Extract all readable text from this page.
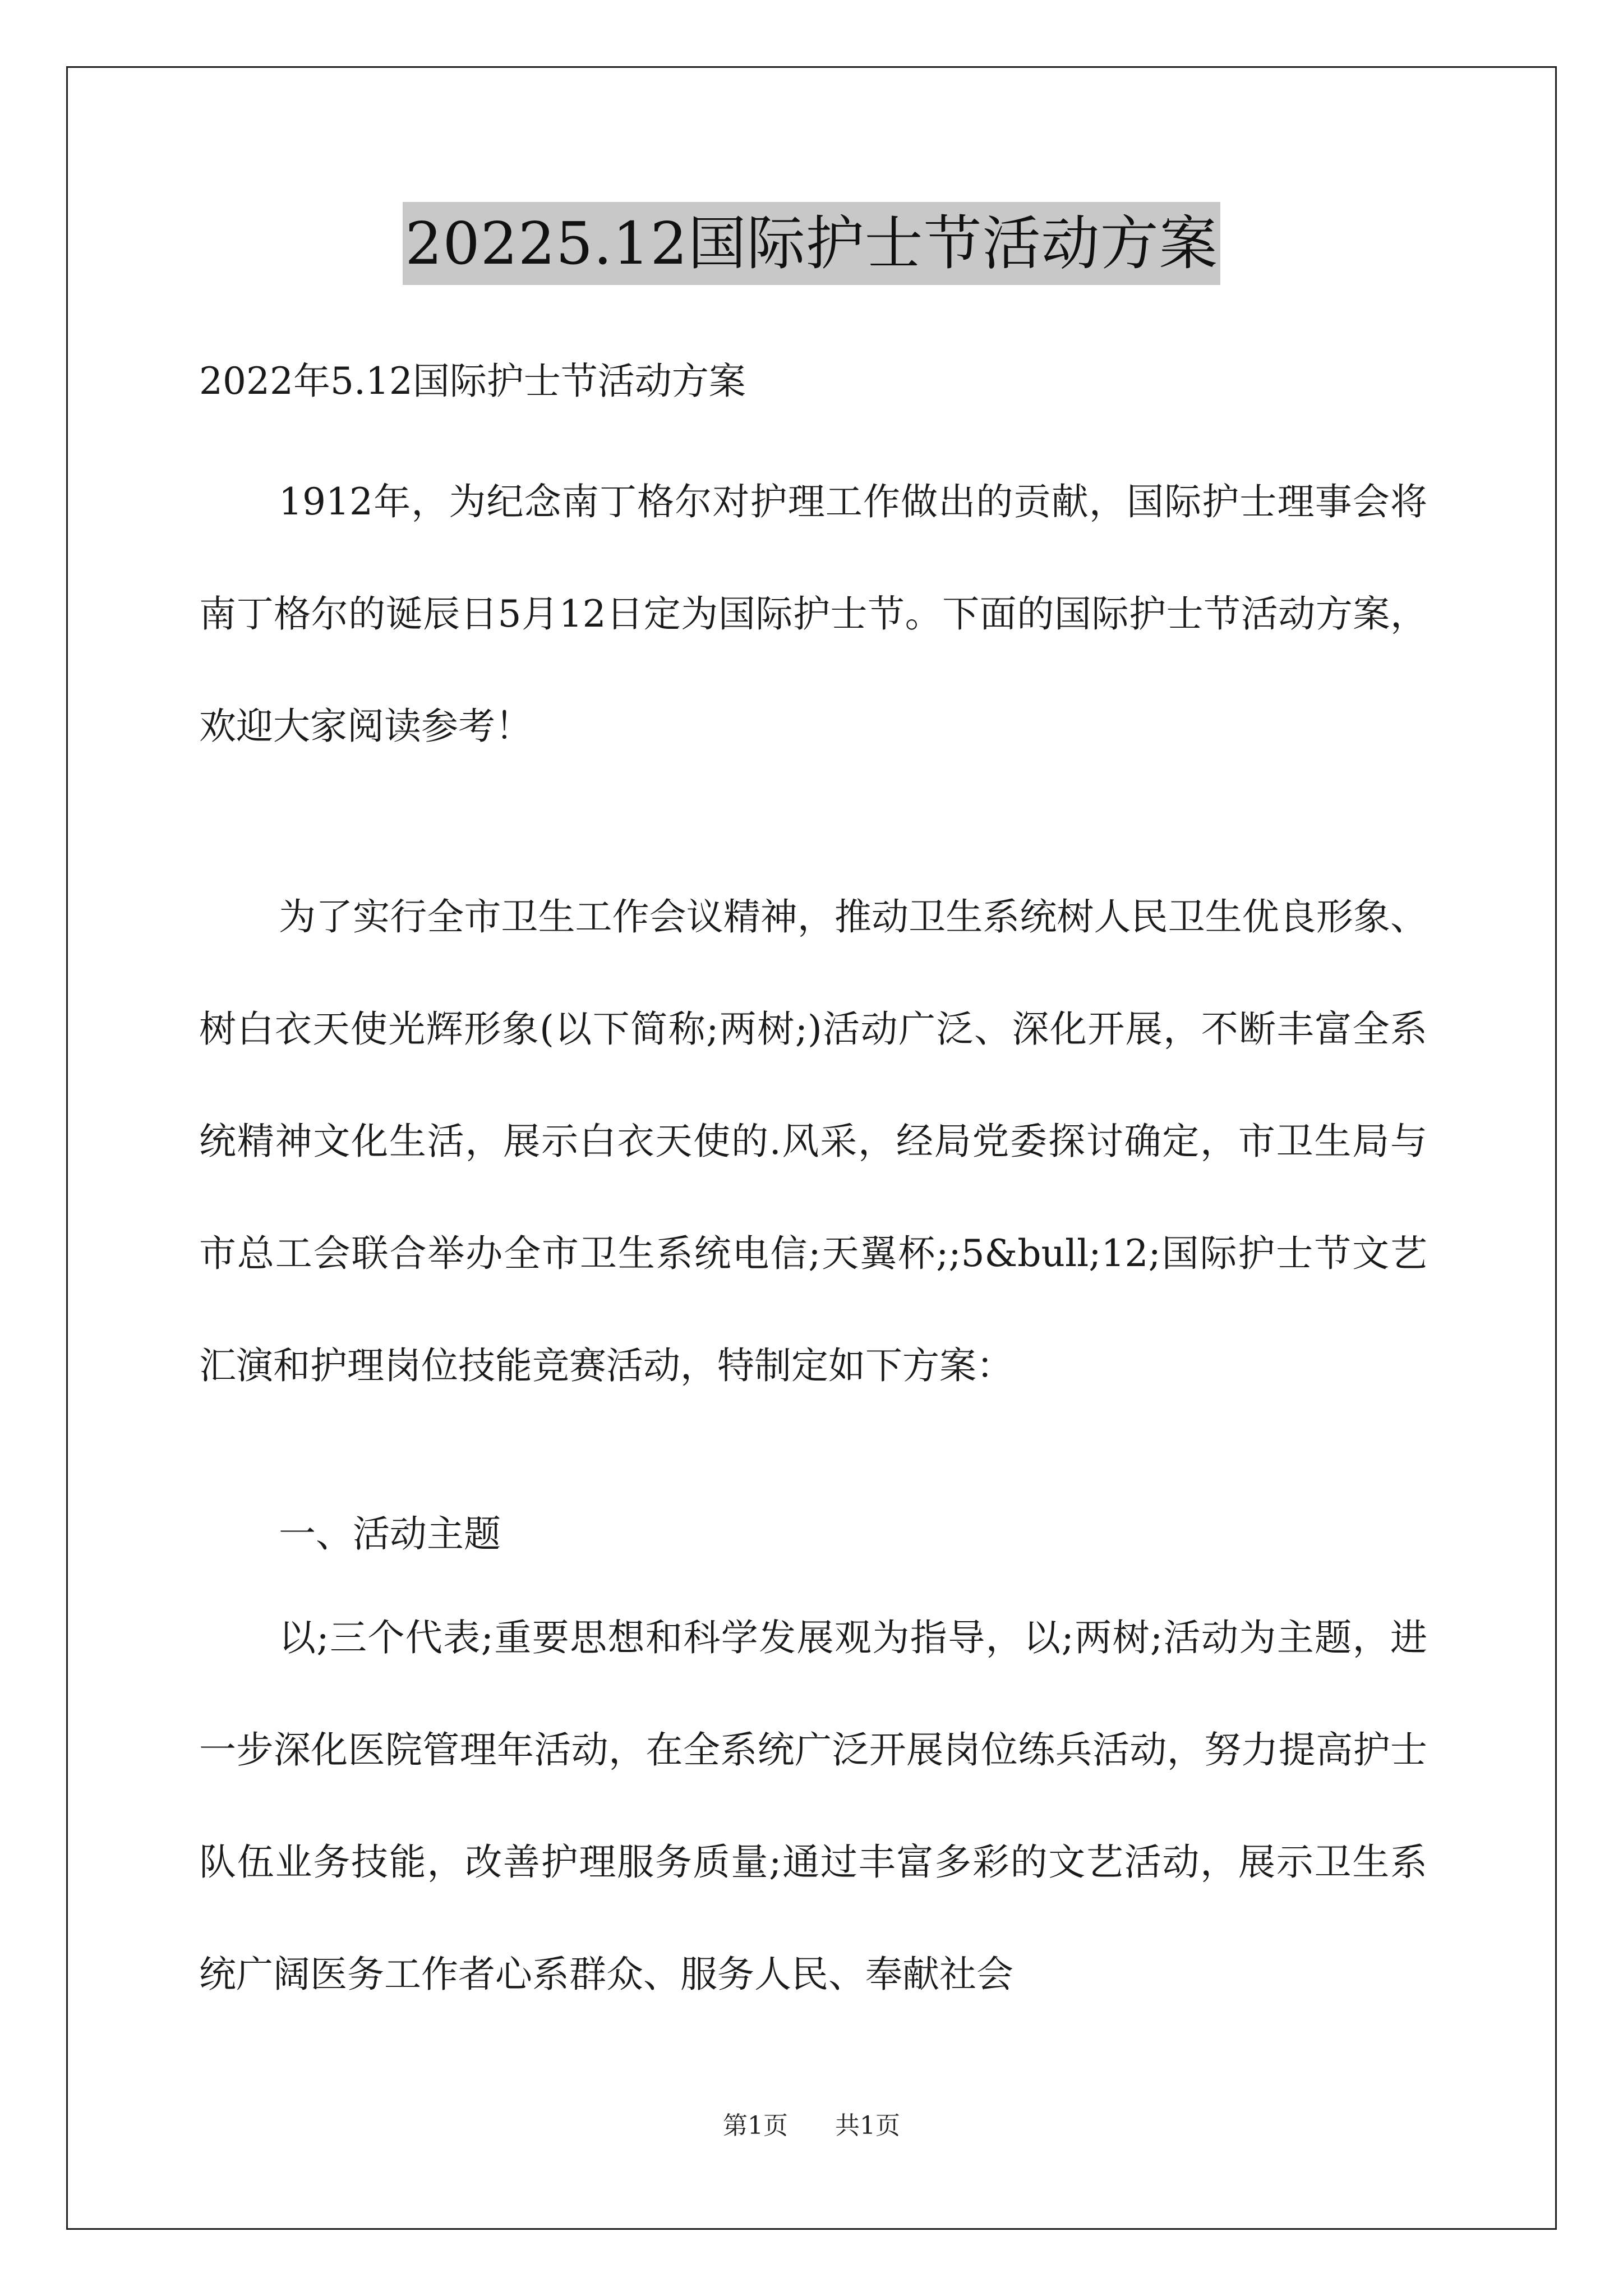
20225.12国际护士节活动方案

2022年5.12国际护士节活动方案

1912年，为纪念南丁格尔对护理工作做出的贡献，国际护士理事会将南丁格尔的诞辰日5月12日定为国际护士节。下面的国际护士节活动方案，欢迎大家阅读参考！

为了实行全市卫生工作会议精神，推动卫生系统树人民卫生优良形象、树白衣天使光辉形象(以下简称;两树;)活动广泛、深化开展，不断丰富全系统精神文化生活，展示白衣天使的.风采，经局党委探讨确定，市卫生局与市总工会联合举办全市卫生系统电信;天翼杯;;5&bull;12;国际护士节文艺汇演和护理岗位技能竞赛活动，特制定如下方案：

一、活动主题

以;三个代表;重要思想和科学发展观为指导，以;两树;活动为主题，进一步深化医院管理年活动，在全系统广泛开展岗位练兵活动，努力提高护士队伍业务技能，改善护理服务质量;通过丰富多彩的文艺活动，展示卫生系统广阔医务工作者心系群众、服务人民、奉献社会

第1页 共1页
